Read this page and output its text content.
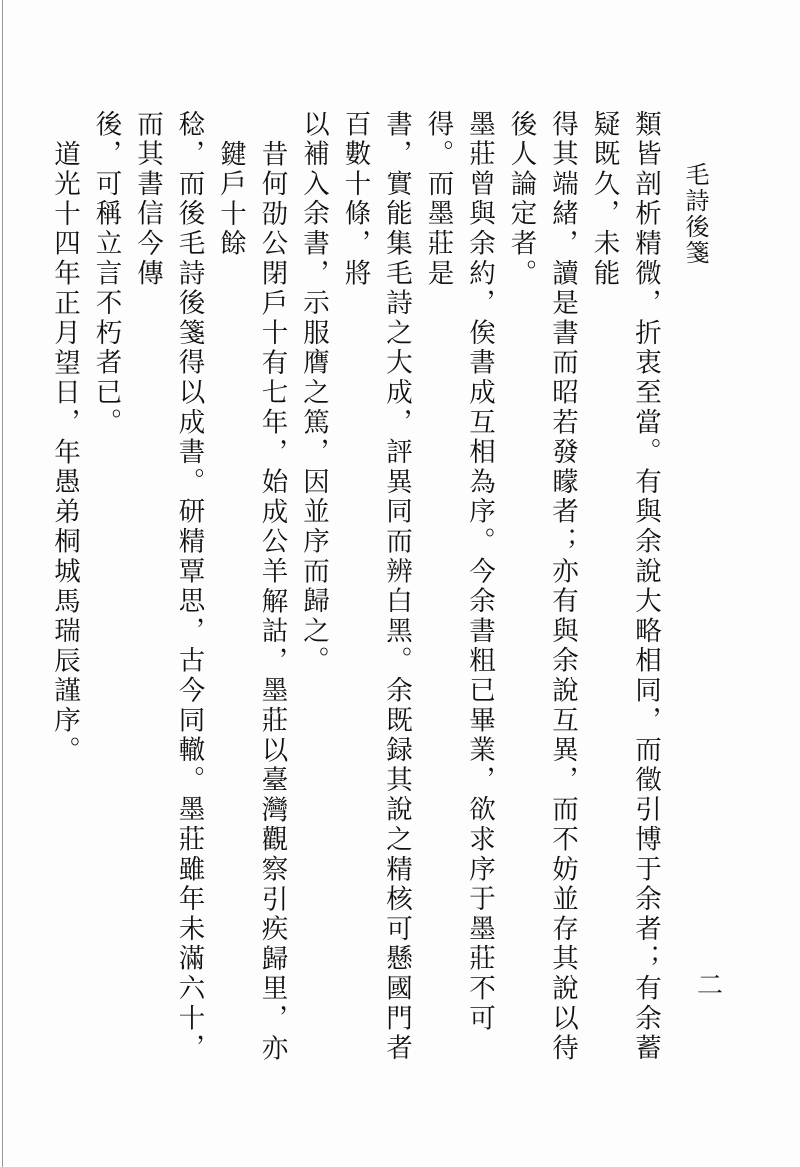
毛詩後箋
二
類皆剖析精微，折衷至當。有與余說大略相同，而徵引博于余者；有余蓄疑既久，未能
得其端緒，讀是書而昭若發矇者；亦有與余說互異，而不妨並存其說以待後人論定者。
墨莊曾與余約，俟書成互相為序。今余書粗已畢業，欲求序于墨莊不可得。而墨莊是
書，實能集毛詩之大成，評異同而辨白黑。余既録其說之精核可懸國門者百數十條，將
以補入余書，示服膺之篤，因並序而歸之。
昔何劭公閉戶十有七年，始成公羊解詁，墨莊以臺灣觀察引疾歸里，亦鍵戶十餘
稔，而後毛詩後箋得以成書。研精覃思，古今同轍。墨莊雖年未滿六十，而其書信今傳
後，可稱立言不朽者已。
道光十四年正月望日，年愚弟桐城馬瑞辰謹序。
